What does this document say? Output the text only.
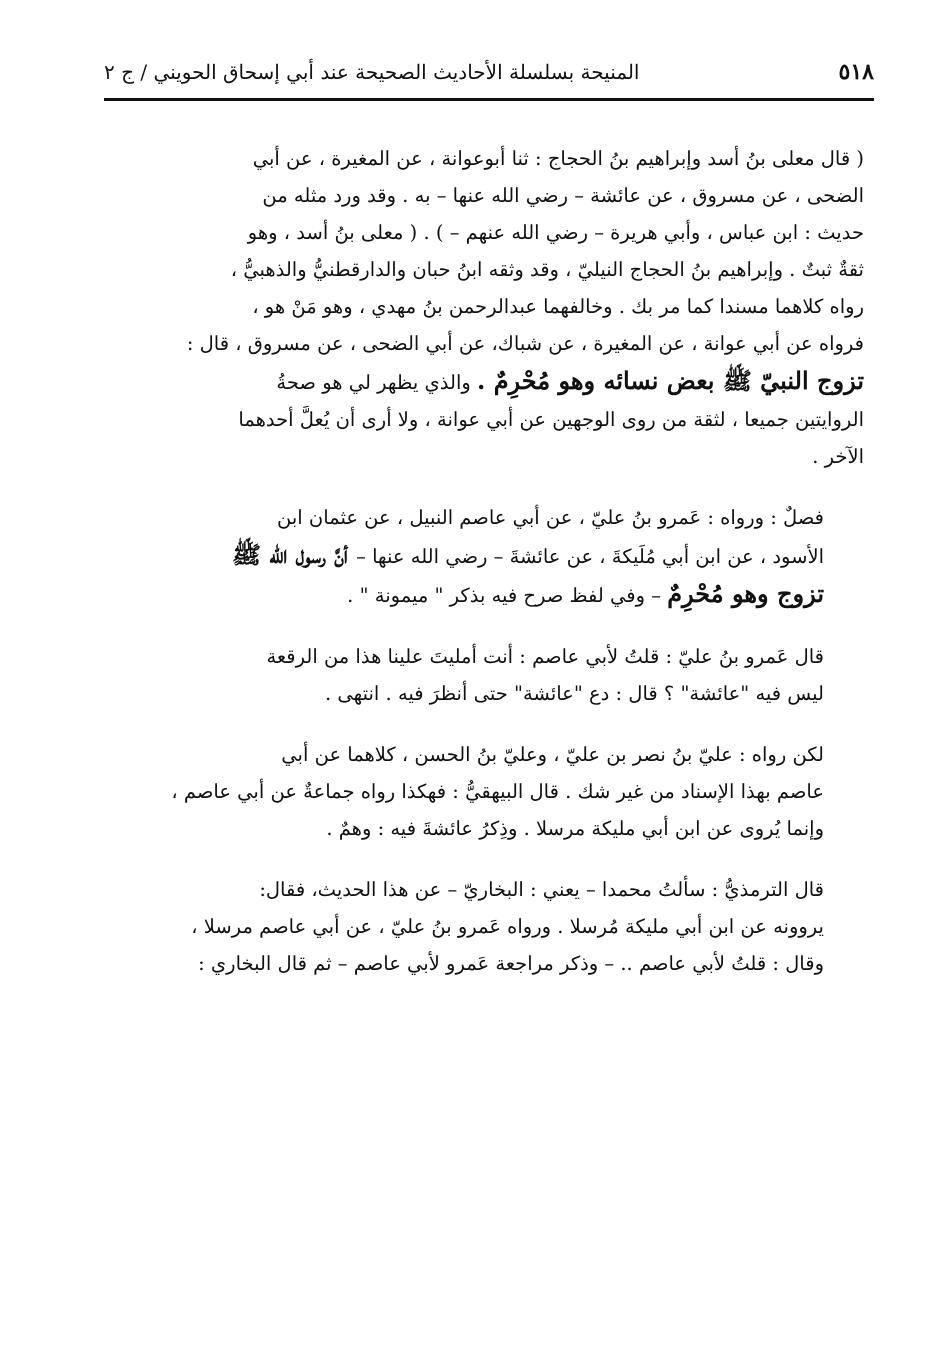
٥١٨
المنيحة بسلسلة الأحاديث الصحيحة عند أبي إسحاق الحويني / ج ٢

( قال معلى بنُ أسد وإبراهيم بنُ الحجاج : ثنا أبوعوانة ، عن المغيرة ، عن أبي
الضحى ، عن مسروق ، عن عائشة – رضي الله عنها – به . وقد ورد مثله من
حديث : ابن عباس ، وأبي هريرة – رضي الله عنهم – ) . ( معلى بنُ أسد ، وهو
ثقةٌ ثبتٌ . وإبراهيم بنُ الحجاج النيليّ ، وقد وثقه ابنُ حبان والدارقطنيُّ والذهبيُّ ،
رواه كلاهما مسندا كما مر بك . وخالفهما عبدالرحمن بنُ مهدي ، وهو مَنْ هو ،
فرواه عن أبي عوانة ، عن المغيرة ، عن شباك، عن أبي الضحى ، عن مسروق ، قال :
تزوج النبيّ ﷺ بعض نسائه وهو مُحْرِمٌ . والذي يظهر لي هو صحةُ
الروايتين جميعا ، لثقة من روى الوجهين عن أبي عوانة ، ولا أرى أن يُعلَّ أحدهما
الآخر .

فصلٌ : ورواه : عَمرو بنُ عليّ ، عن أبي عاصم النبيل ، عن عثمان ابن
الأسود ، عن ابن أبي مُلَيكةَ ، عن عائشةَ – رضي الله عنها – أنَّ رسول الله ﷺ
تزوج وهو مُحْرِمٌ – وفي لفظ صرح فيه بذكر " ميمونة " .

قال عَمرو بنُ عليّ : قلتُ لأبي عاصم : أنت أمليتَ علينا هذا من الرقعة
ليس فيه "عائشة" ؟ قال : دع "عائشة" حتى أنظرَ فيه . انتهى .

لكن رواه : عليّ بنُ نصر بن عليّ ، وعليّ بنُ الحسن ، كلاهما عن أبي
عاصم بهذا الإسناد من غير شك . قال البيهقيُّ : فهكذا رواه جماعةٌ عن أبي عاصم ،
وإنما يُروى عن ابن أبي مليكة مرسلا . وذِكرُ عائشةَ فيه : وهمٌ .

قال الترمذيُّ : سألتُ محمدا – يعني : البخاريّ – عن هذا الحديث، فقال:
يروونه عن ابن أبي مليكة مُرسلا . ورواه عَمرو بنُ عليّ ، عن أبي عاصم مرسلا ،
وقال : قلتُ لأبي عاصم .. – وذكر مراجعة عَمرو لأبي عاصم – ثم قال البخاري :
